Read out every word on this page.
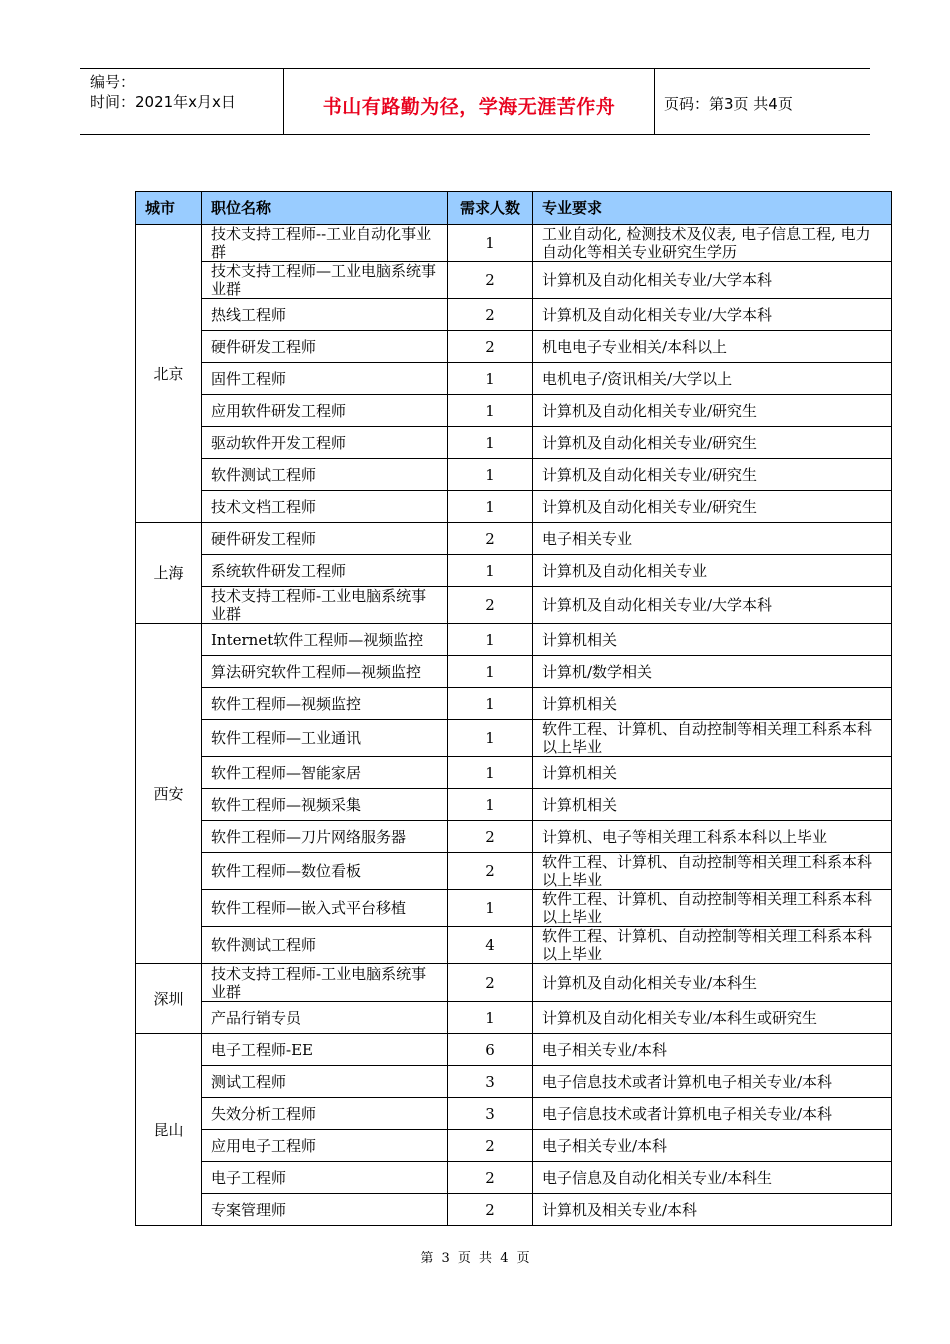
编号：
时间：2021年x月x日	书山有路勤为径，学海无涯苦作舟	页码：第3页 共4页
城市	职位名称	需求人数	专业要求
北京	技术支持工程师--工业自动化事业群	1	工业自动化, 检测技术及仪表, 电子信息工程, 电力自动化等相关专业研究生学历
	技术支持工程师—工业电脑系统事业群	2	计算机及自动化相关专业/大学本科
	热线工程师	2	计算机及自动化相关专业/大学本科
	硬件研发工程师	2	机电电子专业相关/本科以上
	固件工程师	1	电机电子/资讯相关/大学以上
	应用软件研发工程师	1	计算机及自动化相关专业/研究生
	驱动软件开发工程师	1	计算机及自动化相关专业/研究生
	软件测试工程师	1	计算机及自动化相关专业/研究生
	技术文档工程师	1	计算机及自动化相关专业/研究生
上海	硬件研发工程师	2	电子相关专业
	系统软件研发工程师	1	计算机及自动化相关专业
	技术支持工程师-工业电脑系统事业群	2	计算机及自动化相关专业/大学本科
西安	Internet软件工程师—视频监控	1	计算机相关
	算法研究软件工程师—视频监控	1	计算机/数学相关
	软件工程师—视频监控	1	计算机相关
	软件工程师—工业通讯	1	软件工程、计算机、自动控制等相关理工科系本科以上毕业
	软件工程师—智能家居	1	计算机相关
	软件工程师—视频采集	1	计算机相关
	软件工程师—刀片网络服务器	2	计算机、电子等相关理工科系本科以上毕业
	软件工程师—数位看板	2	软件工程、计算机、自动控制等相关理工科系本科以上毕业
	软件工程师—嵌入式平台移植	1	软件工程、计算机、自动控制等相关理工科系本科以上毕业
	软件测试工程师	4	软件工程、计算机、自动控制等相关理工科系本科以上毕业
深圳	技术支持工程师-工业电脑系统事业群	2	计算机及自动化相关专业/本科生
	产品行销专员	1	计算机及自动化相关专业/本科生或研究生
昆山	电子工程师-EE	6	电子相关专业/本科
	测试工程师	3	电子信息技术或者计算机电子相关专业/本科
	失效分析工程师	3	电子信息技术或者计算机电子相关专业/本科
	应用电子工程师	2	电子相关专业/本科
	电子工程师	2	电子信息及自动化相关专业/本科生
	专案管理师	2	计算机及相关专业/本科
第 3 页 共 4 页
